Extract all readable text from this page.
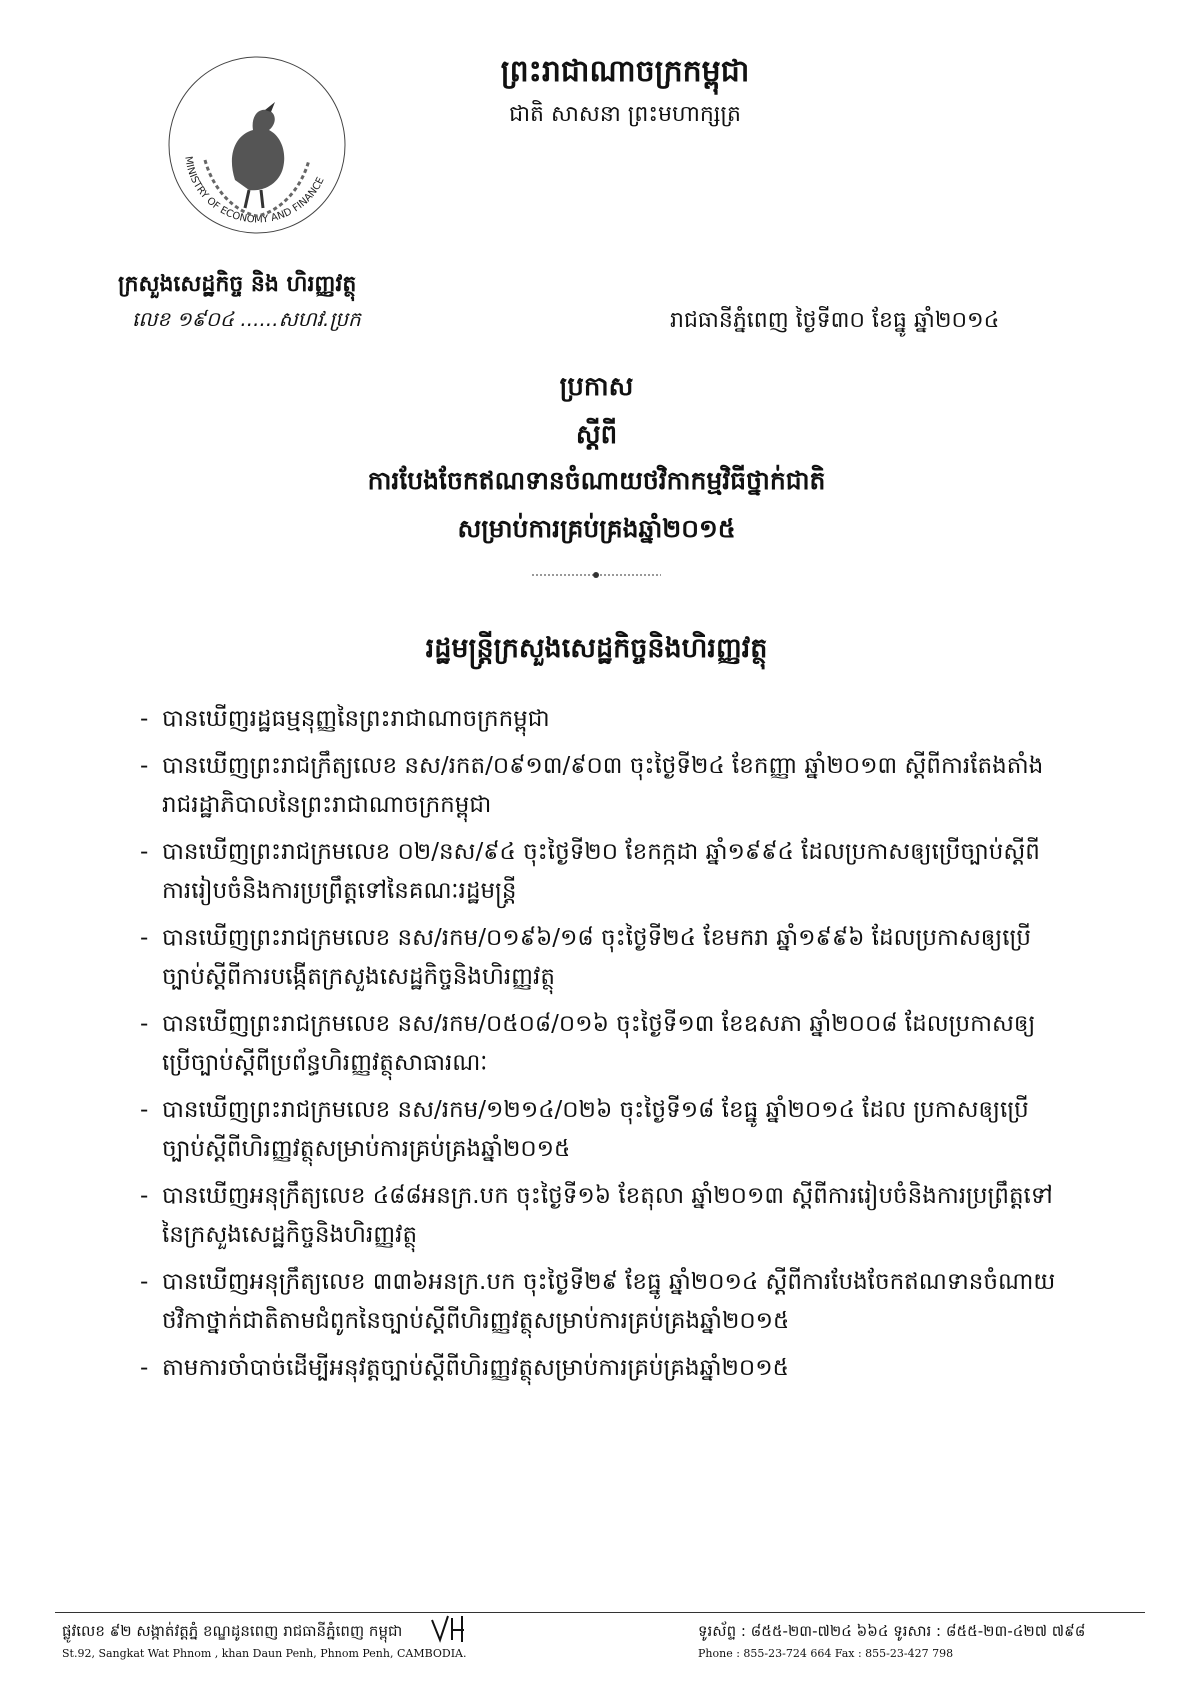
ព្រះរាជាណាចក្រកម្ពុជា
ជាតិ សាសនា ព្រះមហាក្សត្រ
MINISTRY OF ECONOMY AND FINANCE
ក្រសួងសេដ្ឋកិច្ច និង ហិរញ្ញវត្ថុ
លេខ ១៩០៤ ......សហវ.ប្រក	រាជធានីភ្នំពេញ ថ្ងៃទី៣០ ខែធ្នូ ឆ្នាំ២០១៤
ប្រកាស
ស្តីពី
ការបែងចែកឥណទានចំណាយថវិកាកម្មវិធីថ្នាក់ជាតិ
សម្រាប់ការគ្រប់គ្រងឆ្នាំ២០១៥
រដ្ឋមន្ត្រីក្រសួងសេដ្ឋកិច្ចនិងហិរញ្ញវត្ថុ
- បានឃើញរដ្ឋធម្មនុញ្ញនៃព្រះរាជាណាចក្រកម្ពុជា
- បានឃើញព្រះរាជក្រឹត្យលេខ នស/រកត/០៩១៣/៩០៣ ចុះថ្ងៃទី២៤ ខែកញ្ញា ឆ្នាំ២០១៣ ស្តីពីការតែងតាំងរាជរដ្ឋាភិបាលនៃព្រះរាជាណាចក្រកម្ពុជា
- បានឃើញព្រះរាជក្រមលេខ ០២/នស/៩៤ ចុះថ្ងៃទី២០ ខែកក្កដា ឆ្នាំ១៩៩៤ ដែលប្រកាសឲ្យប្រើច្បាប់ស្តីពីការរៀបចំនិងការប្រព្រឹត្តទៅនៃគណៈរដ្ឋមន្ត្រី
- បានឃើញព្រះរាជក្រមលេខ នស/រកម/០១៩៦/១៨ ចុះថ្ងៃទី២៤ ខែមករា ឆ្នាំ១៩៩៦ ដែលប្រកាសឲ្យប្រើច្បាប់ស្តីពីការបង្កើតក្រសួងសេដ្ឋកិច្ចនិងហិរញ្ញវត្ថុ
- បានឃើញព្រះរាជក្រមលេខ នស/រកម/០៥០៨/០១៦ ចុះថ្ងៃទី១៣ ខែឧសភា ឆ្នាំ២០០៨ ដែលប្រកាសឲ្យប្រើច្បាប់ស្តីពីប្រព័ន្ធហិរញ្ញវត្ថុសាធារណៈ
- បានឃើញព្រះរាជក្រមលេខ នស/រកម/១២១៤/០២៦ ចុះថ្ងៃទី១៨ ខែធ្នូ ឆ្នាំ២០១៤ ដែល ប្រកាសឲ្យប្រើច្បាប់ស្តីពីហិរញ្ញវត្ថុសម្រាប់ការគ្រប់គ្រងឆ្នាំ២០១៥
- បានឃើញអនុក្រឹត្យលេខ ៤៨៨អនក្រ.បក ចុះថ្ងៃទី១៦ ខែតុលា ឆ្នាំ២០១៣ ស្តីពីការរៀបចំនិងការប្រព្រឹត្តទៅនៃក្រសួងសេដ្ឋកិច្ចនិងហិរញ្ញវត្ថុ
- បានឃើញអនុក្រឹត្យលេខ ៣៣៦អនក្រ.បក ចុះថ្ងៃទី២៩ ខែធ្នូ ឆ្នាំ២០១៤ ស្តីពីការបែងចែកឥណទានចំណាយថវិកាថ្នាក់ជាតិតាមជំពូកនៃច្បាប់ស្តីពីហិរញ្ញវត្ថុសម្រាប់ការគ្រប់គ្រងឆ្នាំ២០១៥
- តាមការចាំបាច់ដើម្បីអនុវត្តច្បាប់ស្តីពីហិរញ្ញវត្ថុសម្រាប់ការគ្រប់គ្រងឆ្នាំ២០១៥
ផ្លូវលេខ ៩២ សង្កាត់វត្តភ្នំ ខណ្ឌដូនពេញ រាជធានីភ្នំពេញ កម្ពុជា
St.92, Sangkat Wat Phnom , khan Daun Penh, Phnom Penh, CAMBODIA.
ទូរស័ព្ទ : ៨៥៥-២៣-៧២៤ ៦៦៤ ទូរសារ : ៨៥៥-២៣-៤២៧ ៧៩៨
Phone : 855-23-724 664 Fax : 855-23-427 798
